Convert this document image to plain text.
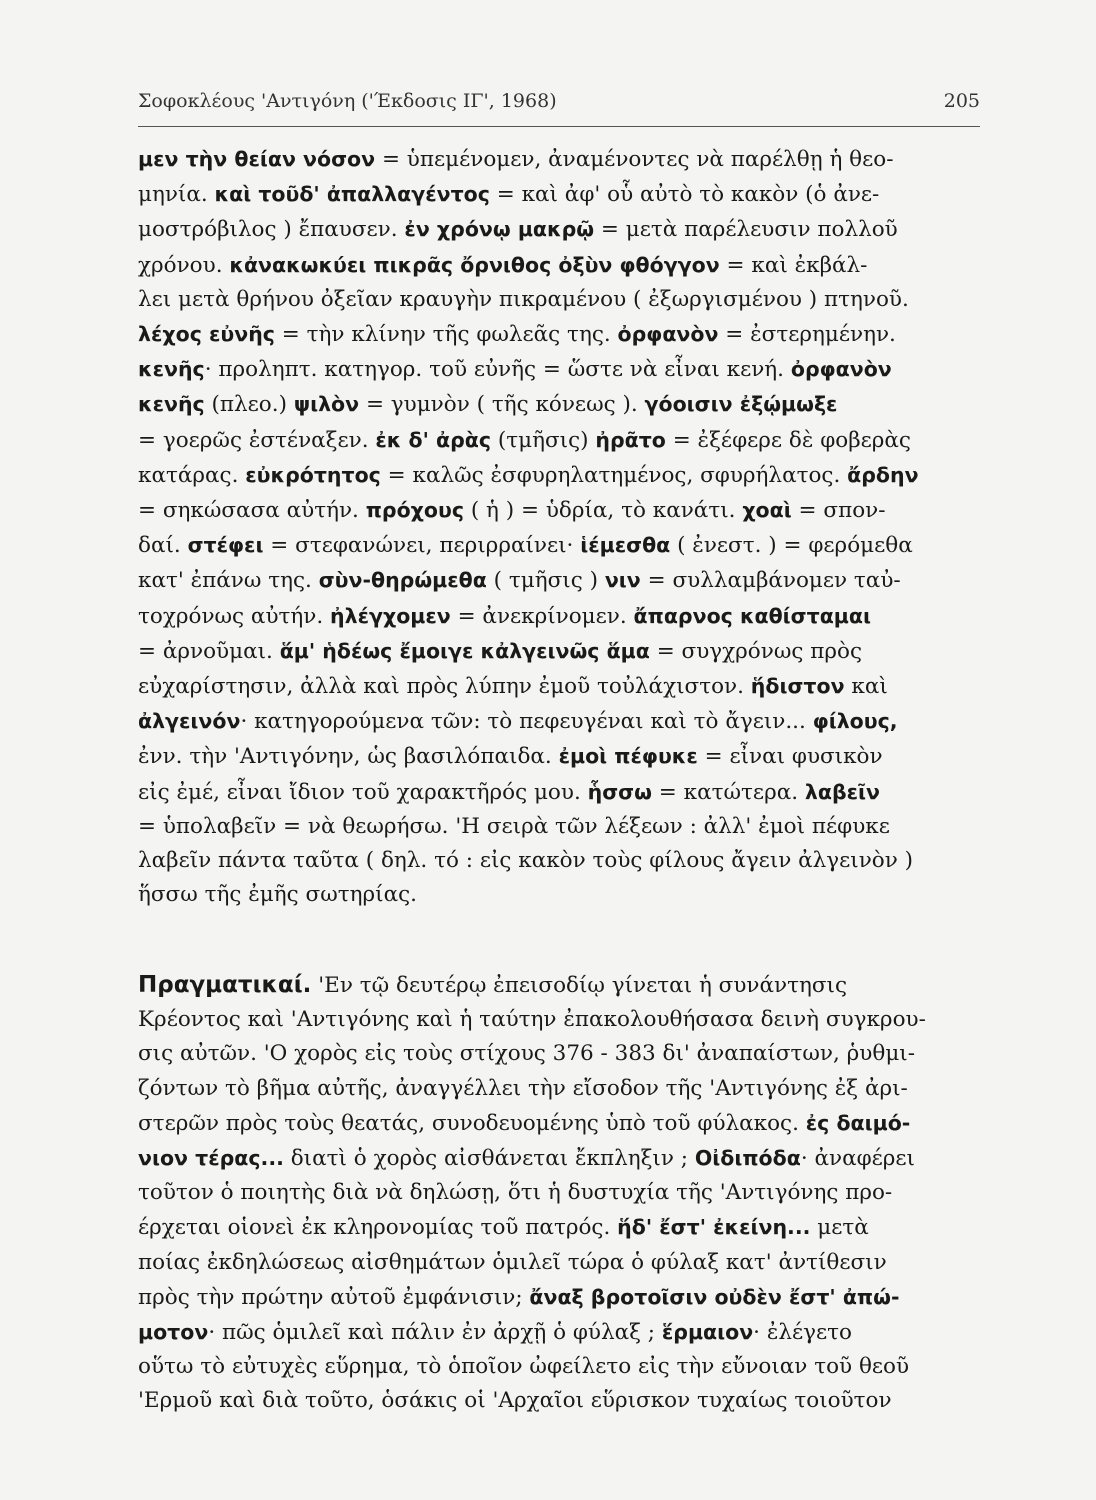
Σοφοκλέους 'Αντιγόνη ('Έκδοσις ΙΓ', 1968)	205
μεν τὴν θείαν νόσον = ὑπεμένομεν, ἀναμένοντες νὰ παρέλθῃ ἡ θεο-
μηνία. καὶ τοῦδ' ἀπαλλαγέντος = καὶ ἀφ' οὗ αὐτὸ τὸ κακὸν (ὁ ἀνε-
μοστρόβιλος ) ἔπαυσεν. ἐν χρόνῳ μακρῷ = μετὰ παρέλευσιν πολλοῦ
χρόνου. κἀνακωκύει πικρᾶς ὄρνιθος ὀξὺν φθόγγον = καὶ ἐκβάλ-
λει μετὰ θρήνου ὀξεῖαν κραυγὴν πικραμένου ( ἐξωργισμένου ) πτηνοῦ.
λέχος εὐνῆς = τὴν κλίνην τῆς φωλεᾶς της. ὀρφανὸν = ἐστερημένην.
κενῆς· προληπτ. κατηγορ. τοῦ εὐνῆς = ὥστε νὰ εἶναι κενή. ὀρφανὸν
κενῆς (πλεο.) ψιλὸν = γυμνὸν ( τῆς κόνεως ). γόοισιν ἐξῴμωξε
= γοερῶς ἐστέναξεν. ἐκ δ' ἀρὰς (τμῆσις) ἠρᾶτο = ἐξέφερε δὲ φοβερὰς
κατάρας. εὐκρότητος = καλῶς ἐσφυρηλατημένος, σφυρήλατος. ἄρδην
= σηκώσασα αὐτήν. πρόχους ( ἡ ) = ὑδρία, τὸ κανάτι. χοαὶ = σπον-
δαί. στέφει = στεφανώνει, περιρραίνει· ἱέμεσθα ( ἐνεστ. ) = φερόμεθα
κατ' ἐπάνω της. σὺν-θηρώμεθα ( τμῆσις ) νιν = συλλαμβάνομεν ταὐ-
τοχρόνως αὐτήν. ἠλέγχομεν = ἀνεκρίνομεν. ἄπαρνος καθίσταμαι
= ἀρνοῦμαι. ἅμ' ἡδέως ἔμοιγε κἀλγεινῶς ἅμα = συγχρόνως πρὸς
εὐχαρίστησιν, ἀλλὰ καὶ πρὸς λύπην ἐμοῦ τοὐλάχιστον. ἥδιστον καὶ
ἀλγεινόν· κατηγορούμενα τῶν: τὸ πεφευγέναι καὶ τὸ ἄγειν... φίλους,
ἐνν. τὴν 'Αντιγόνην, ὡς βασιλόπαιδα. ἐμοὶ πέφυκε = εἶναι φυσικὸν
εἰς ἐμέ, εἶναι ἴδιον τοῦ χαρακτῆρός μου. ἧσσω = κατώτερα. λαβεῖν
= ὑπολαβεῖν = νὰ θεωρήσω. 'Η σειρὰ τῶν λέξεων : ἀλλ' ἐμοὶ πέφυκε
λαβεῖν πάντα ταῦτα ( δηλ. τό : εἰς κακὸν τοὺς φίλους ἄγειν ἀλγεινὸν )
ἥσσω τῆς ἐμῆς σωτηρίας.
Πραγματικαί. 'Εν τῷ δευτέρῳ ἐπεισοδίῳ γίνεται ἡ συνάντησις
Κρέοντος καὶ 'Αντιγόνης καὶ ἡ ταύτην ἐπακολουθήσασα δεινὴ συγκρου-
σις αὐτῶν. 'Ο χορὸς εἰς τοὺς στίχους 376 - 383 δι' ἀναπαίστων, ῥυθμι-
ζόντων τὸ βῆμα αὐτῆς, ἀναγγέλλει τὴν εἴσοδον τῆς 'Αντιγόνης ἐξ ἀρι-
στερῶν πρὸς τοὺς θεατάς, συνοδευομένης ὑπὸ τοῦ φύλακος. ἐς δαιμό-
νιον τέρας... διατὶ ὁ χορὸς αἰσθάνεται ἔκπληξιν ; Οἰδιπόδα· ἀναφέρει
τοῦτον ὁ ποιητὴς διὰ νὰ δηλώσῃ, ὅτι ἡ δυστυχία τῆς 'Αντιγόνης προ-
έρχεται οἱονεὶ ἐκ κληρονομίας τοῦ πατρός. ἥδ' ἔστ' ἐκείνη... μετὰ
ποίας ἐκδηλώσεως αἰσθημάτων ὁμιλεῖ τώρα ὁ φύλαξ κατ' ἀντίθεσιν
πρὸς τὴν πρώτην αὐτοῦ ἐμφάνισιν; ἄναξ βροτοῖσιν οὐδὲν ἔστ' ἀπώ-
μοτον· πῶς ὁμιλεῖ καὶ πάλιν ἐν ἀρχῇ ὁ φύλαξ ; ἕρμαιον· ἐλέγετο
οὕτω τὸ εὐτυχὲς εὕρημα, τὸ ὁποῖον ὠφείλετο εἰς τὴν εὔνοιαν τοῦ θεοῦ
'Ερμοῦ καὶ διὰ τοῦτο, ὁσάκις οἱ 'Αρχαῖοι εὕρισκον τυχαίως τοιοῦτον
